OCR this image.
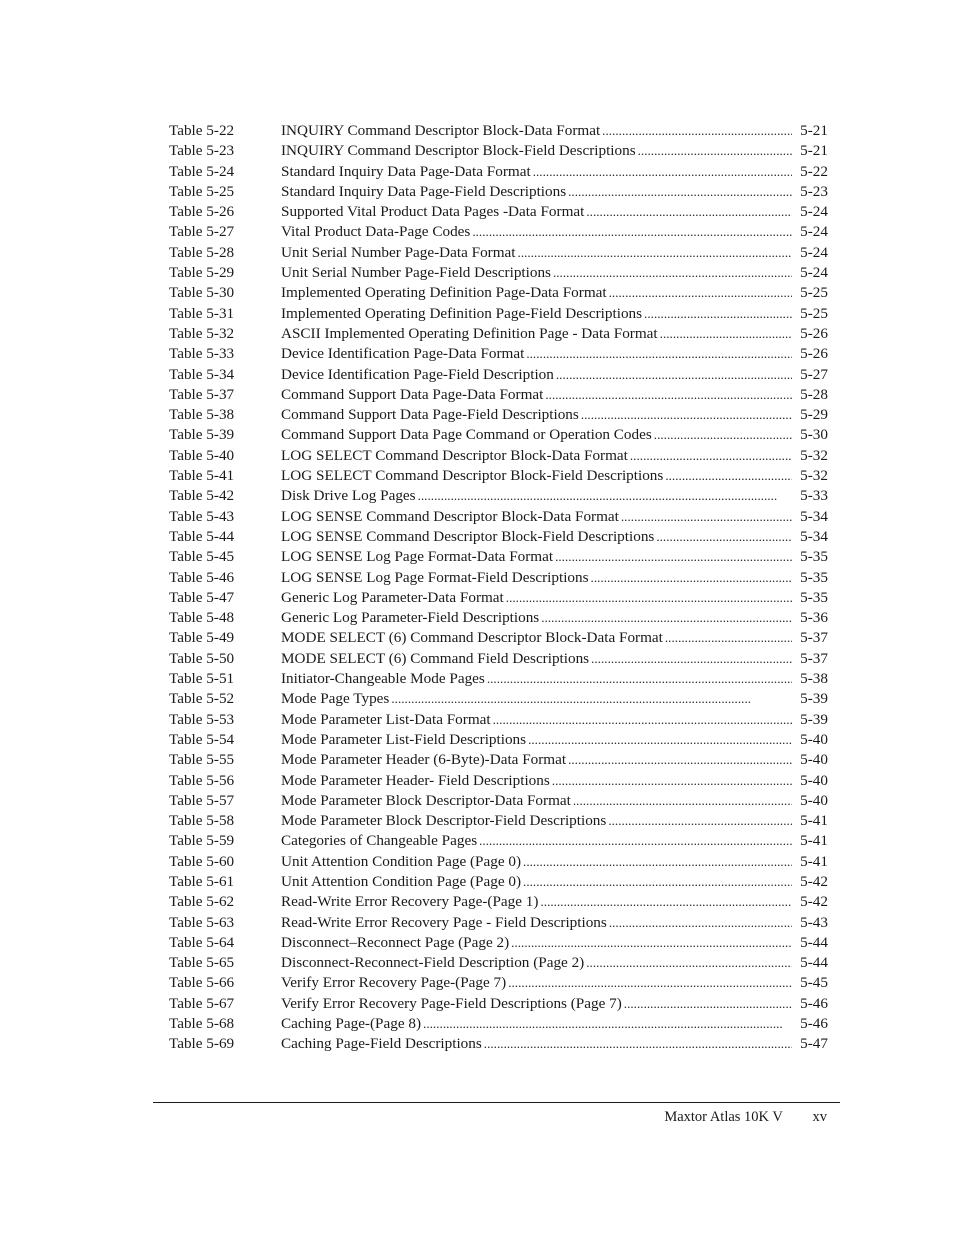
Table 5-22	INQUIRY Command Descriptor Block-Data Format . . .	5-21
Table 5-23	INQUIRY Command Descriptor Block-Field Descriptions . . .	5-21
Table 5-24	Standard Inquiry Data Page-Data Format . . .	5-22
Table 5-25	Standard Inquiry Data Page-Field Descriptions . . .	5-23
Table 5-26	Supported Vital Product Data Pages -Data Format . . .	5-24
Table 5-27	Vital Product Data-Page Codes . . .	5-24
Table 5-28	Unit Serial Number Page-Data Format . . .	5-24
Table 5-29	Unit Serial Number Page-Field Descriptions . . .	5-24
Table 5-30	Implemented Operating Definition Page-Data Format . . .	5-25
Table 5-31	Implemented Operating Definition Page-Field Descriptions . . .	5-25
Table 5-32	ASCII Implemented Operating Definition Page - Data Format . . .	5-26
Table 5-33	Device Identification Page-Data Format . . .	5-26
Table 5-34	Device Identification Page-Field Description . . .	5-27
Table 5-37	Command Support Data Page-Data Format . . .	5-28
Table 5-38	Command Support Data Page-Field Descriptions . . .	5-29
Table 5-39	Command Support Data Page Command or Operation Codes . . .	5-30
Table 5-40	LOG SELECT Command Descriptor Block-Data Format . . .	5-32
Table 5-41	LOG SELECT Command Descriptor Block-Field Descriptions . . .	5-32
Table 5-42	Disk Drive Log Pages . . .	5-33
Table 5-43	LOG SENSE Command Descriptor Block-Data Format . . .	5-34
Table 5-44	LOG SENSE Command Descriptor Block-Field Descriptions . . .	5-34
Table 5-45	LOG SENSE Log Page Format-Data Format . . .	5-35
Table 5-46	LOG SENSE Log Page Format-Field Descriptions . . .	5-35
Table 5-47	Generic Log Parameter-Data Format . . .	5-35
Table 5-48	Generic Log Parameter-Field Descriptions . . .	5-36
Table 5-49	MODE SELECT (6) Command Descriptor Block-Data Format . . .	5-37
Table 5-50	MODE SELECT (6) Command Field Descriptions . . .	5-37
Table 5-51	Initiator-Changeable Mode Pages . . .	5-38
Table 5-52	Mode Page Types . . .	5-39
Table 5-53	Mode Parameter List-Data Format . . .	5-39
Table 5-54	Mode Parameter List-Field Descriptions . . .	5-40
Table 5-55	Mode Parameter Header (6-Byte)-Data Format . . .	5-40
Table 5-56	Mode Parameter Header- Field Descriptions . . .	5-40
Table 5-57	Mode Parameter Block Descriptor-Data Format . . .	5-40
Table 5-58	Mode Parameter Block Descriptor-Field Descriptions . . .	5-41
Table 5-59	Categories of Changeable Pages . . .	5-41
Table 5-60	Unit Attention Condition Page (Page 0) . . .	5-41
Table 5-61	Unit Attention Condition Page (Page 0) . . .	5-42
Table 5-62	Read-Write Error Recovery Page-(Page 1) . . .	5-42
Table 5-63	Read-Write Error Recovery Page - Field Descriptions . . .	5-43
Table 5-64	Disconnect–Reconnect Page (Page 2) . . .	5-44
Table 5-65	Disconnect-Reconnect-Field Description (Page 2) . . .	5-44
Table 5-66	Verify Error Recovery Page-(Page 7) . . .	5-45
Table 5-67	Verify Error Recovery Page-Field Descriptions (Page 7) . . .	5-46
Table 5-68	Caching Page-(Page 8) . . .	5-46
Table 5-69	Caching Page-Field Descriptions . . .	5-47
Maxtor Atlas 10K V xv
